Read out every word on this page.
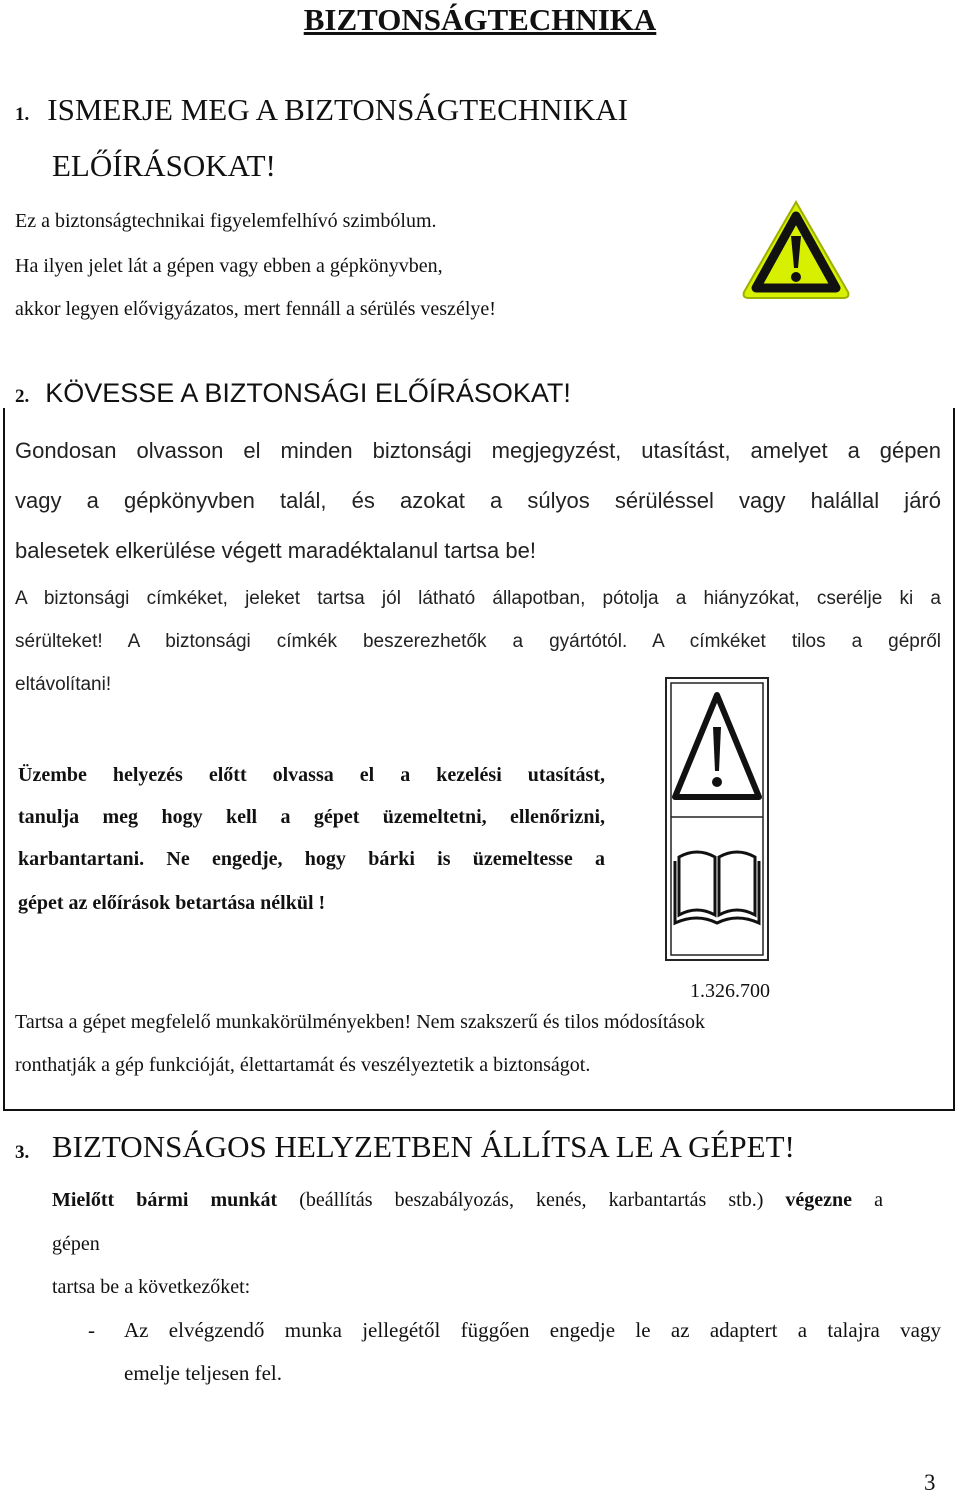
BIZTONSÁGTECHNIKA
1. ISMERJE MEG A BIZTONSÁGTECHNIKAI
ELŐÍRÁSOKAT!
Ez a biztonságtechnikai figyelemfelhívó szimbólum.
Ha ilyen jelet lát a gépen vagy ebben a gépkönyvben,
akkor legyen elővigyázatos, mert fennáll a sérülés veszélye!
2. KÖVESSE A BIZTONSÁGI ELŐÍRÁSOKAT!
Gondosan olvasson el minden biztonsági megjegyzést, utasítást, amelyet a gépen
vagy a gépkönyvben talál, és azokat a súlyos sérüléssel vagy halállal járó
balesetek elkerülése végett maradéktalanul tartsa be!
A biztonsági címkéket, jeleket tartsa jól látható állapotban, pótolja a hiányzókat, cserélje ki a
sérülteket! A biztonsági címkék beszerezhetők a gyártótól. A címkéket tilos a gépről
eltávolítani!
Üzembe helyezés előtt olvassa el a kezelési utasítást,
tanulja meg hogy kell a gépet üzemeltetni, ellenőrizni,
karbantartani. Ne engedje, hogy bárki is üzemeltesse a
gépet az előírások betartása nélkül !
1.326.700
Tartsa a gépet megfelelő munkakörülményekben! Nem szakszerű és tilos módosítások
ronthatják a gép funkcióját, élettartamát és veszélyeztetik a biztonságot.
3. BIZTONSÁGOS HELYZETBEN ÁLLÍTSA LE A GÉPET!
Mielőtt bármi munkát (beállítás beszabályozás, kenés, karbantartás stb.) végezne a
gépen
tartsa be a következőket:
- Az elvégzendő munka jellegétől függően engedje le az adaptert a talajra vagy
emelje teljesen fel.
3
